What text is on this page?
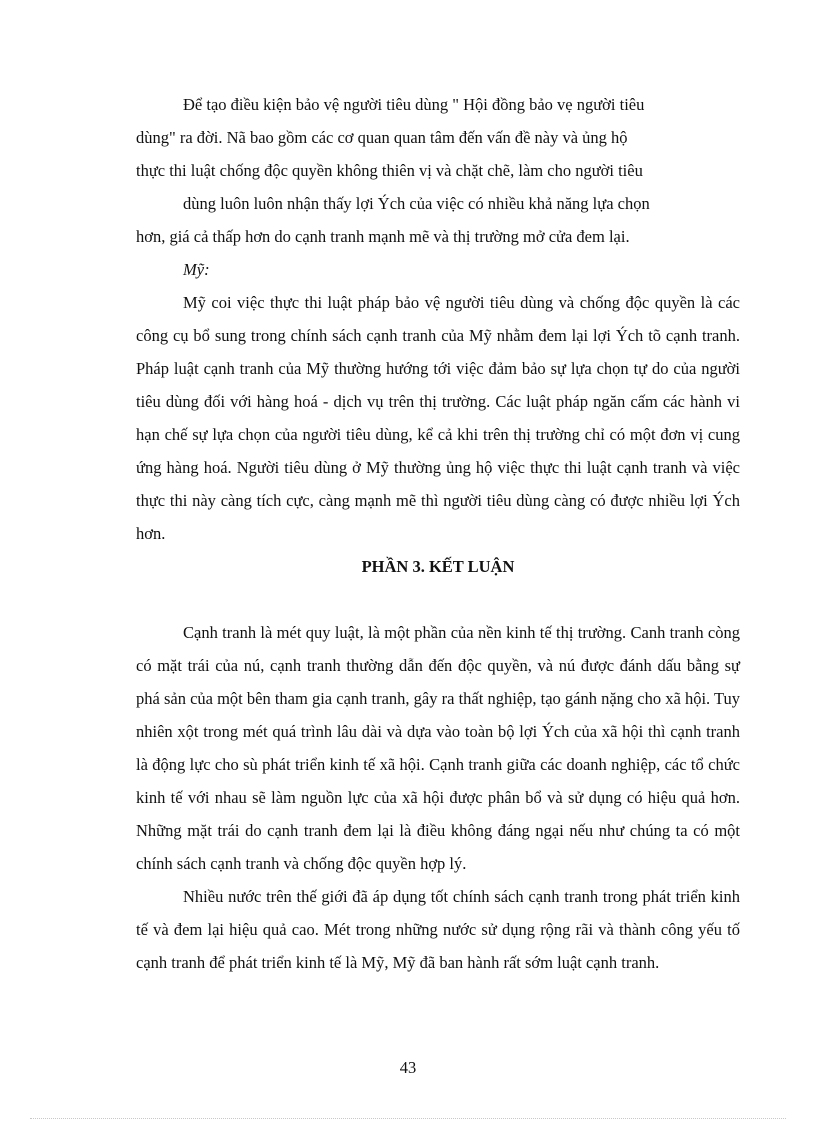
Để tạo điều kiện bảo vệ người tiêu dùng " Hội đồng bảo vẹ người tiêu
dùng" ra đời. Nã bao gồm các cơ quan quan tâm đến vấn đề này và ủng hộ
thực thi luật chống độc quyền không thiên vị và chặt chẽ, làm cho người tiêu
dùng luôn luôn nhận thấy lợi Ých của việc có nhiều khả năng lựa chọn
hơn, giá cả thấp hơn do cạnh tranh mạnh mẽ và thị trường mở cửa đem lại.

Mỹ:

Mỹ coi việc thực thi luật pháp bảo vệ người tiêu dùng và chống độc quyền là các công cụ bổ sung trong chính sách cạnh tranh của Mỹ nhằm đem lại lợi Ých tõ cạnh tranh. Pháp luật cạnh tranh của Mỹ thường hướng tới việc đảm bảo sự lựa chọn tự do của người tiêu dùng đối với hàng hoá - dịch vụ trên thị trường. Các luật pháp ngăn cấm các hành vi hạn chế sự lựa chọn của người tiêu dùng, kể cả khi trên thị trường chỉ có một đơn vị cung ứng hàng hoá. Người tiêu dùng ở Mỹ thường ủng hộ việc thực thi luật cạnh tranh và việc thực thi này càng tích cực, càng mạnh mẽ thì người tiêu dùng càng có được nhiều lợi Ých hơn.

PHẦN 3. KẾT LUẬN

Cạnh tranh là mét quy luật, là một phần của nền kinh tế thị trường. Canh tranh còng có mặt trái của nú, cạnh tranh thường dẫn đến độc quyền, và nú được đánh dấu bằng sự phá sản của một bên tham gia cạnh tranh, gây ra thất nghiệp, tạo gánh nặng cho xã hội. Tuy nhiên xột trong mét quá trình lâu dài và dựa vào toàn bộ lợi Ých của xã hội thì cạnh tranh là động lực cho sù phát triển kinh tế xã hội. Cạnh tranh giữa các doanh nghiệp, các tổ chức kinh tế với nhau sẽ làm nguồn lực của xã hội được phân bổ và sử dụng có hiệu quả hơn. Những mặt trái do cạnh tranh đem lại là điều không đáng ngại nếu như chúng ta có một chính sách cạnh tranh và chống độc quyền hợp lý.

Nhiều nước trên thế giới đã áp dụng tốt chính sách cạnh tranh trong phát triển kinh tế và đem lại hiệu quả cao. Mét trong những nước sử dụng rộng rãi và thành công yếu tố cạnh tranh để phát triển kinh tế là Mỹ, Mỹ đã ban hành rất sớm luật cạnh tranh.

43
